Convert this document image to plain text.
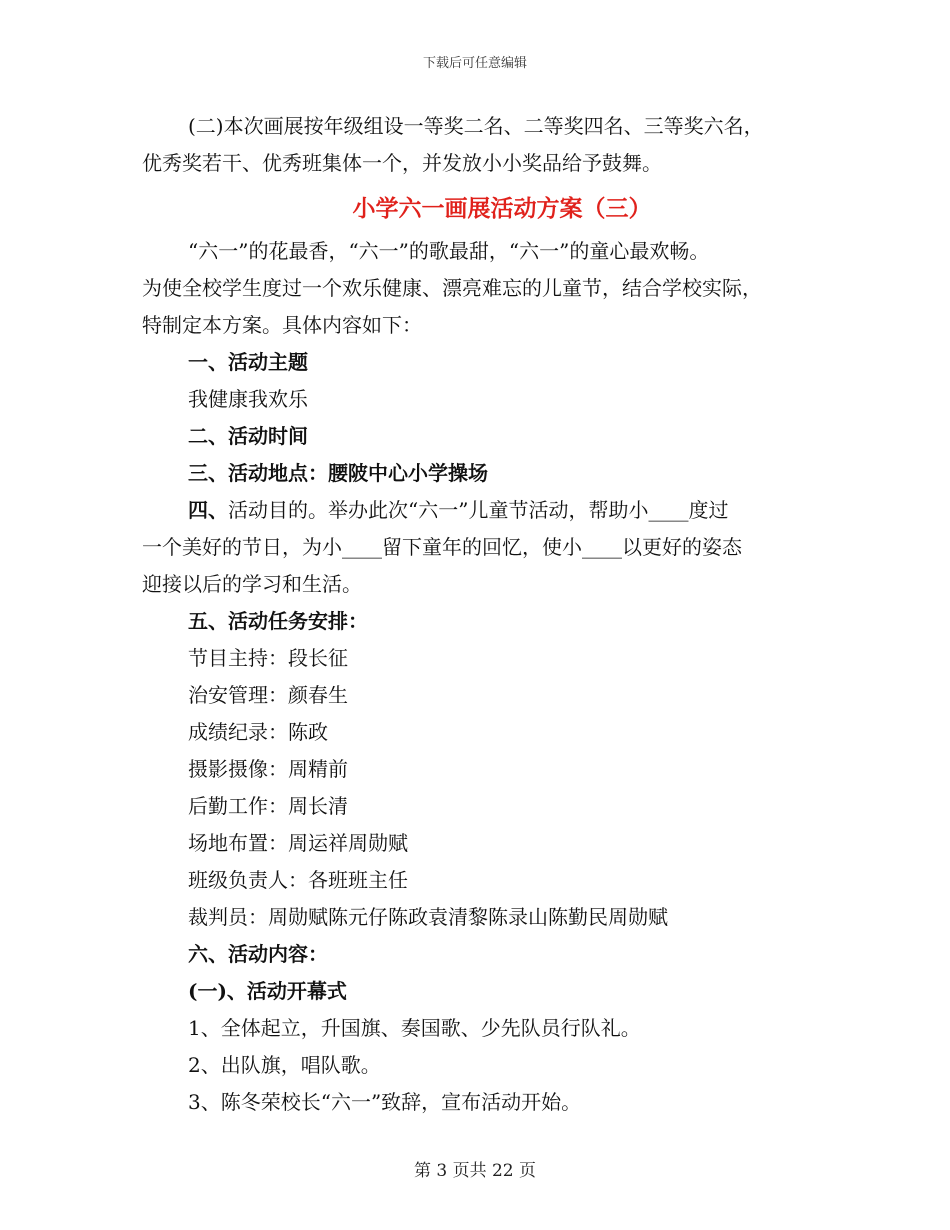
下载后可任意编辑

(二)本次画展按年级组设一等奖二名、二等奖四名、三等奖六名，

优秀奖若干、优秀班集体一个，并发放小小奖品给予鼓舞。

小学六一画展活动方案（三）

“六一”的花最香，“六一”的歌最甜，“六一”的童心最欢畅。

为使全校学生度过一个欢乐健康、漂亮难忘的儿童节，结合学校实际，

特制定本方案。具体内容如下：

一、活动主题

我健康我欢乐

二、活动时间

三、活动地点：腰陂中心小学操场

四、活动目的。举办此次“六一”儿童节活动，帮助小____度过

一个美好的节日，为小____留下童年的回忆，使小____以更好的姿态

迎接以后的学习和生活。

五、活动任务安排：

节目主持：段长征

治安管理：颜春生

成绩纪录：陈政

摄影摄像：周精前

后勤工作：周长清

场地布置：周运祥周勋赋

班级负责人：各班班主任

裁判员：周勋赋陈元仔陈政袁清黎陈录山陈勤民周勋赋

六、活动内容：

(一)、活动开幕式

1、全体起立，升国旗、奏国歌、少先队员行队礼。

2、出队旗，唱队歌。

3、陈冬荣校长“六一”致辞，宣布活动开始。

第 3 页共 22 页
